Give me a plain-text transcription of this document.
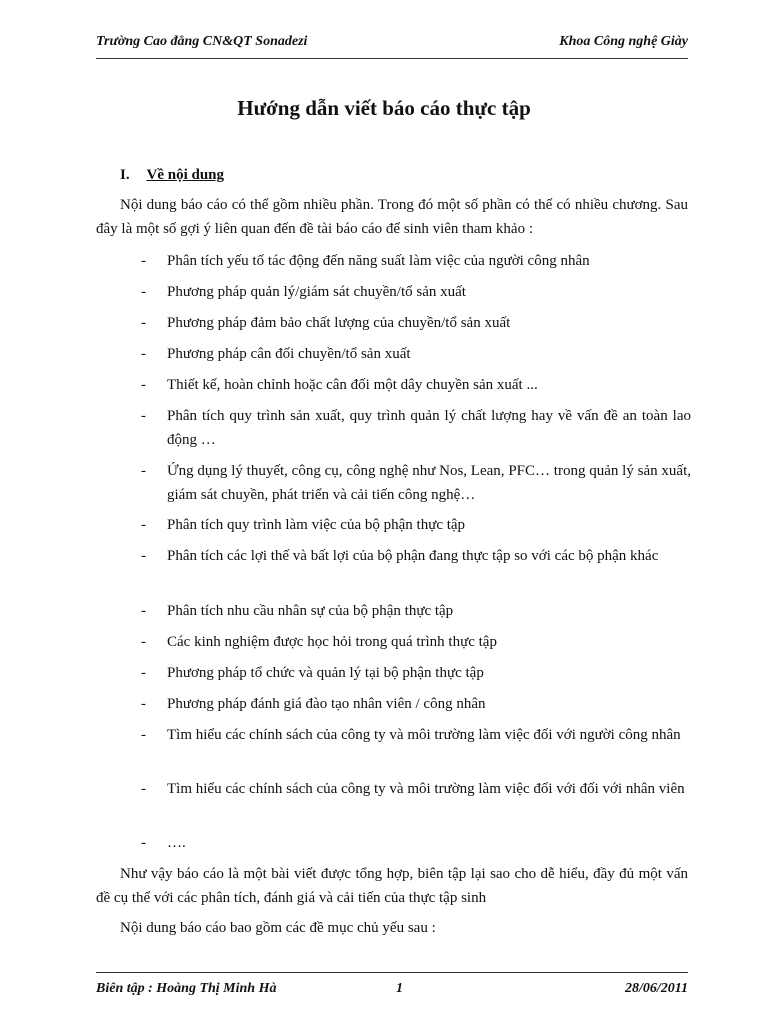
Trường Cao đẳng CN&QT Sonadezi	Khoa Công nghệ Giày
Hướng dẫn viết báo cáo thực tập
I. Về nội dung
Nội dung báo cáo có thể gồm nhiều phần. Trong đó một số phần có thể có nhiều chương. Sau đây là một số gợi ý liên quan đến đề tài báo cáo để sinh viên tham khảo :
- Phân tích yếu tố tác động đến năng suất làm việc của người công nhân
- Phương pháp quản lý/giám sát chuyền/tổ sản xuất
- Phương pháp đảm bảo chất lượng của chuyền/tổ sản xuất
- Phương pháp cân đối chuyền/tổ sản xuất
- Thiết kế, hoàn chỉnh hoặc cân đối một dây chuyền sản xuất ...
- Phân tích quy trình sản xuất, quy trình quản lý chất lượng hay về vấn đề an toàn lao động …
- Ứng dụng lý thuyết, công cụ, công nghệ như Nos, Lean, PFC… trong quản lý sản xuất, giám sát chuyền, phát triển và cải tiến công nghệ…
- Phân tích quy trình làm việc của bộ phận thực tập
- Phân tích các lợi thế và bất lợi của bộ phận đang thực tập so với các bộ phận khác
- Phân tích nhu cầu nhân sự của bộ phận thực tập
- Các kinh nghiệm được học hỏi trong quá trình thực tập
- Phương pháp tổ chức và quản lý tại bộ phận thực tập
- Phương pháp đánh giá đào tạo nhân viên / công nhân
- Tìm hiểu các chính sách của công ty và môi trường làm việc đối với người công nhân
- Tìm hiểu các chính sách của công ty và môi trường làm việc đối với đối với nhân viên
- ….
Như vậy báo cáo là một bài viết được tổng hợp, biên tập lại sao cho dễ hiểu, đầy đủ một vấn đề cụ thể với các phân tích, đánh giá và cải tiến của thực tập sinh
Nội dung báo cáo bao gồm các đề mục chủ yếu sau :
Biên tập : Hoàng Thị Minh Hà	1	28/06/2011
